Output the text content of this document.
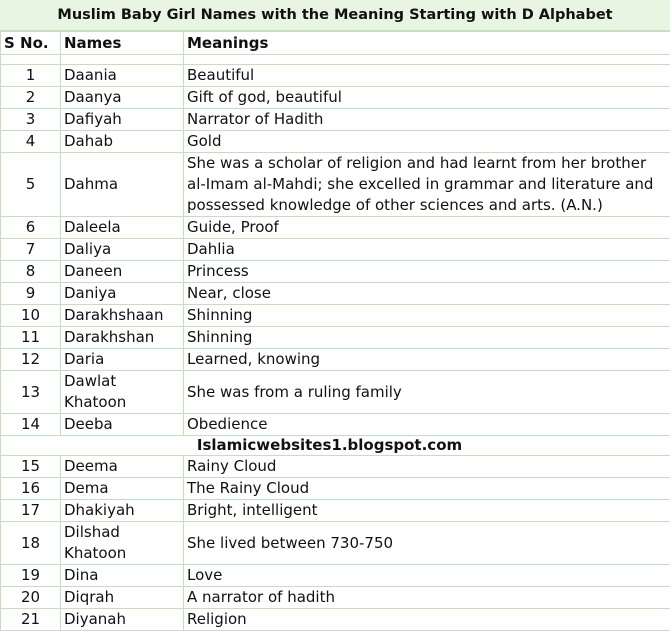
Muslim Baby Girl Names with the Meaning Starting with D Alphabet
S No.	Names	Meanings

1	Daania	Beautiful
2	Daanya	Gift of god, beautiful
3	Dafiyah	Narrator of Hadith
4	Dahab	Gold
5	Dahma	She was a scholar of religion and had learnt from her brother al-Imam al-Mahdi; she excelled in grammar and literature and possessed knowledge of other sciences and arts. (A.N.)
6	Daleela	Guide, Proof
7	Daliya	Dahlia
8	Daneen	Princess
9	Daniya	Near, close
10	Darakhshaan	Shinning
11	Darakhshan	Shinning
12	Daria	Learned, knowing
13	Dawlat Khatoon	She was from a ruling family
14	Deeba	Obedience
Islamicwebsites1.blogspot.com		
15	Deema	Rainy Cloud
16	Dema	The Rainy Cloud
17	Dhakiyah	Bright, intelligent
18	Dilshad Khatoon	She lived between 730-750
19	Dina	Love
20	Diqrah	A narrator of hadith
21	Diyanah	Religion
